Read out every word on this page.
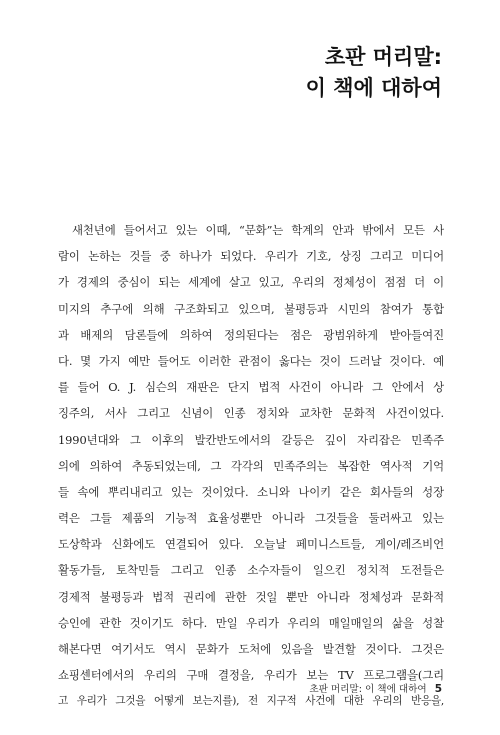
초판 머리말:
이 책에 대하여
새천년에 들어서고 있는 이때, “문화”는 학계의 안과 밖에서 모든 사
람이 논하는 것들 중 하나가 되었다. 우리가 기호, 상징 그리고 미디어
가 경제의 중심이 되는 세계에 살고 있고, 우리의 정체성이 점점 더 이
미지의 추구에 의해 구조화되고 있으며, 불평등과 시민의 참여가 통합
과 배제의 담론들에 의하여 정의된다는 점은 광범위하게 받아들여진
다. 몇 가지 예만 들어도 이러한 관점이 옳다는 것이 드러날 것이다. 예
를 들어 O. J. 심슨의 재판은 단지 법적 사건이 아니라 그 안에서 상
징주의, 서사 그리고 신념이 인종 정치와 교차한 문화적 사건이었다.
1990년대와 그 이후의 발칸반도에서의 갈등은 깊이 자리잡은 민족주
의에 의하여 추동되었는데, 그 각각의 민족주의는 복잡한 역사적 기억
들 속에 뿌리내리고 있는 것이었다. 소니와 나이키 같은 회사들의 성장
력은 그들 제품의 기능적 효율성뿐만 아니라 그것들을 둘러싸고 있는
도상학과 신화에도 연결되어 있다. 오늘날 페미니스트들, 게이/레즈비언
활동가들, 토착민들 그리고 인종 소수자들이 일으킨 정치적 도전들은
경제적 불평등과 법적 권리에 관한 것일 뿐만 아니라 정체성과 문화적
승인에 관한 것이기도 하다. 만일 우리가 우리의 매일매일의 삶을 성찰
해본다면 여기서도 역시 문화가 도처에 있음을 발견할 것이다. 그것은
쇼핑센터에서의 우리의 구매 결정을, 우리가 보는 TV 프로그램을(그리
고 우리가 그것을 어떻게 보는지를), 전 지구적 사건에 대한 우리의 반응을,
초판 머리말: 이 책에 대하여 5
